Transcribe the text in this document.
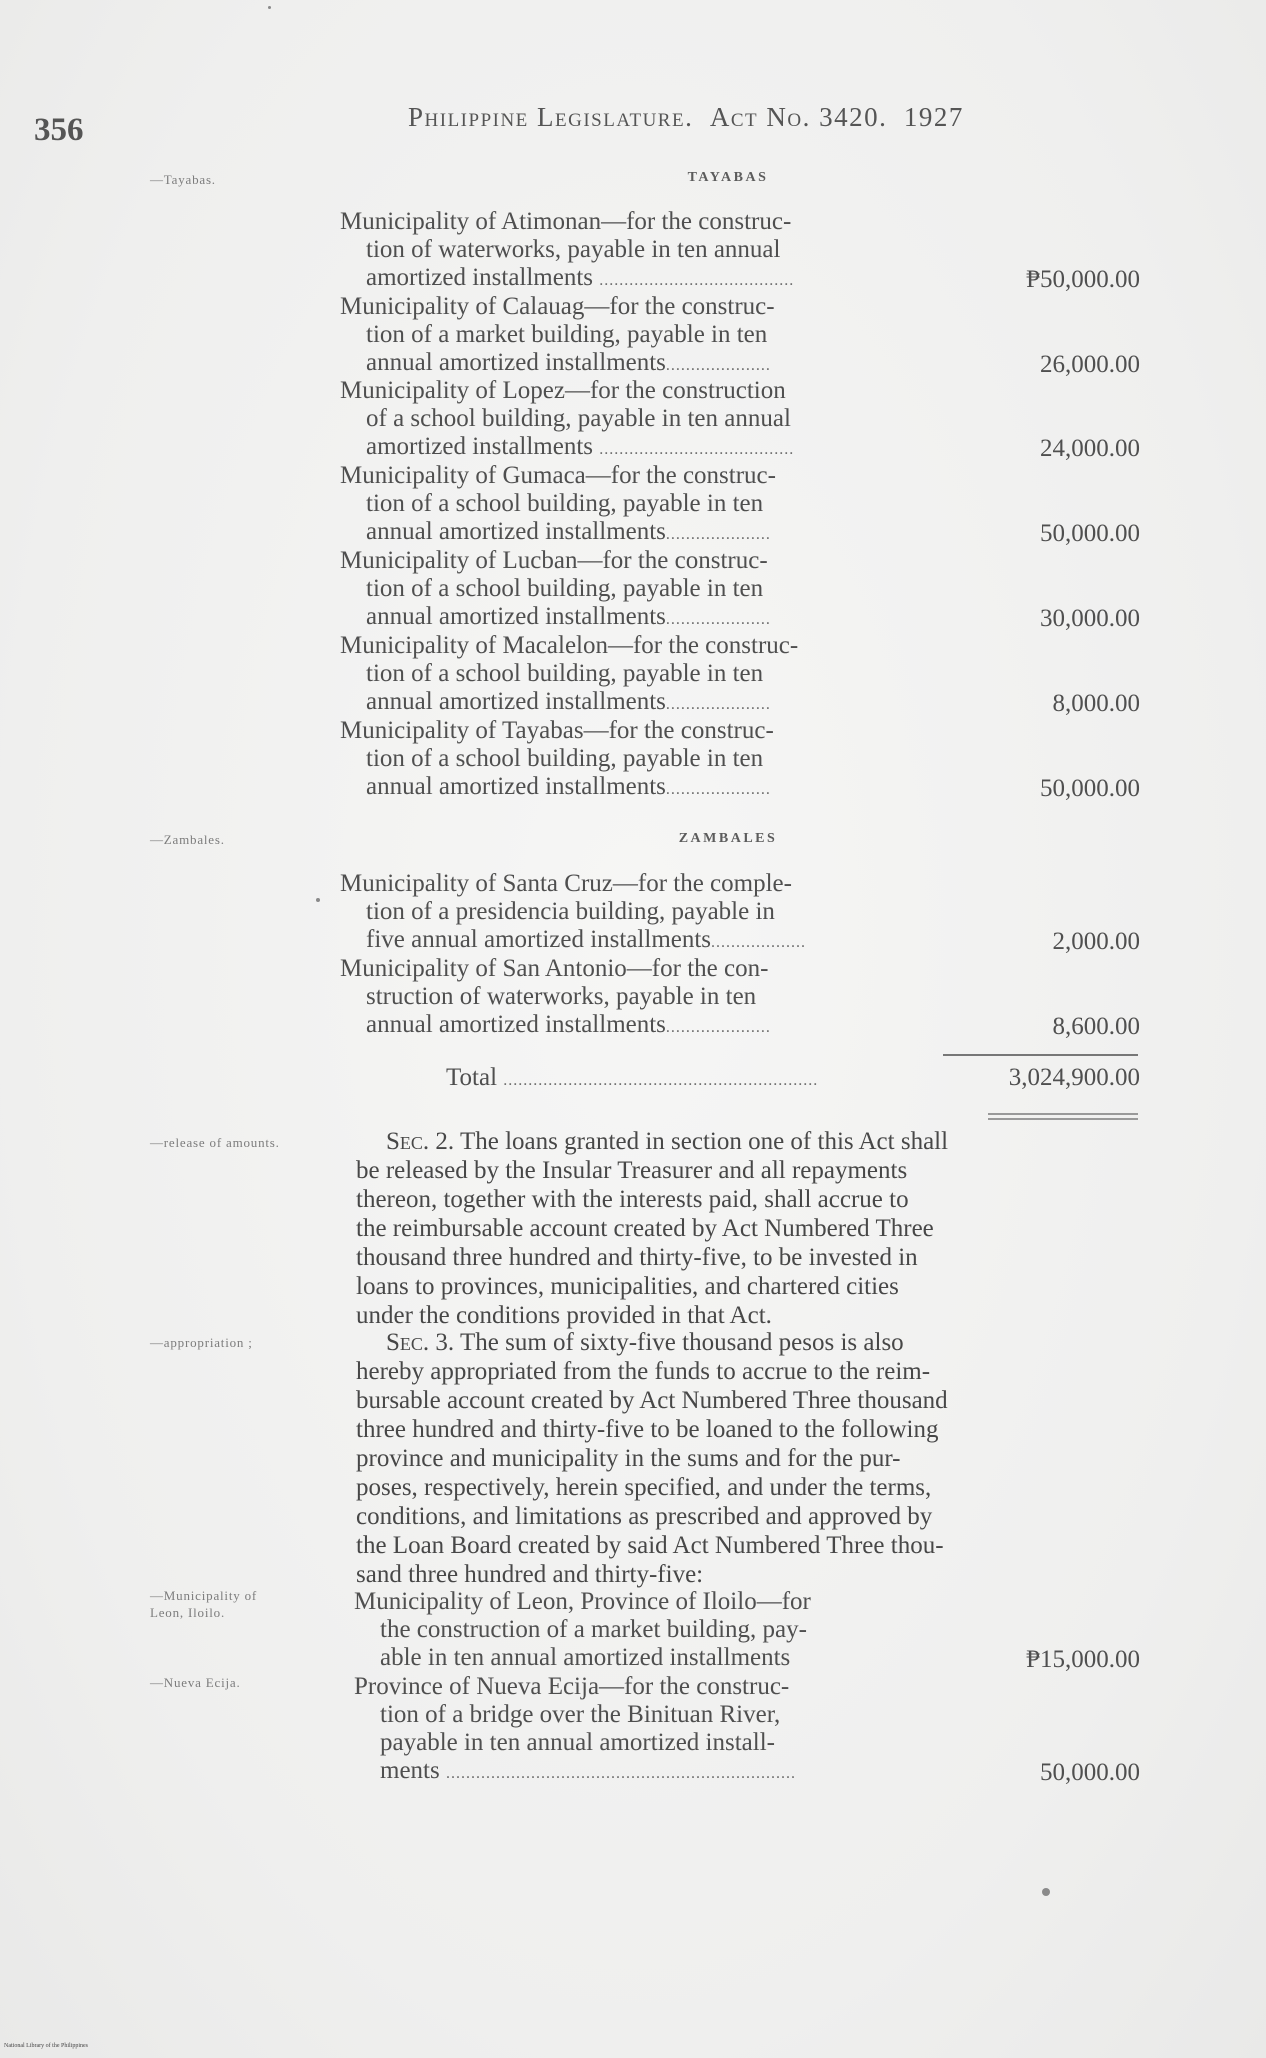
356	Philippine Legislature. Act No. 3420. 1927
—Tayabas.
—Zambales.
—release of amounts.
—appropriation ;
—Municipality of
Leon, Iloilo.
—Nueva Ecija.
TAYABAS
Municipality of Atimonan—for the construc-
tion of waterworks, payable in ten annual
amortized installments .......................................	₱50,000.00
Municipality of Calauag—for the construc-
tion of a market building, payable in ten
annual amortized installments.....................	26,000.00
Municipality of Lopez—for the construction
of a school building, payable in ten annual
amortized installments .......................................	24,000.00
Municipality of Gumaca—for the construc-
tion of a school building, payable in ten
annual amortized installments.....................	50,000.00
Municipality of Lucban—for the construc-
tion of a school building, payable in ten
annual amortized installments.....................	30,000.00
Municipality of Macalelon—for the construc-
tion of a school building, payable in ten
annual amortized installments.....................	8,000.00
Municipality of Tayabas—for the construc-
tion of a school building, payable in ten
annual amortized installments.....................	50,000.00
ZAMBALES
Municipality of Santa Cruz—for the comple-
tion of a presidencia building, payable in
five annual amortized installments...................	2,000.00
Municipality of San Antonio—for the con-
struction of waterworks, payable in ten
annual amortized installments.....................	8,600.00
Total ...............................................................	3,024,900.00
Sec. 2. The loans granted in section one of this Act shall
be released by the Insular Treasurer and all repayments
thereon, together with the interests paid, shall accrue to
the reimbursable account created by Act Numbered Three
thousand three hundred and thirty-five, to be invested in
loans to provinces, municipalities, and chartered cities
under the conditions provided in that Act.
Sec. 3. The sum of sixty-five thousand pesos is also
hereby appropriated from the funds to accrue to the reim-
bursable account created by Act Numbered Three thousand
three hundred and thirty-five to be loaned to the following
province and municipality in the sums and for the pur-
poses, respectively, herein specified, and under the terms,
conditions, and limitations as prescribed and approved by
the Loan Board created by said Act Numbered Three thou-
sand three hundred and thirty-five:
Municipality of Leon, Province of Iloilo—for
the construction of a market building, pay-
able in ten annual amortized installments	₱15,000.00
Province of Nueva Ecija—for the construc-
tion of a bridge over the Binituan River,
payable in ten annual amortized install-
ments ......................................................................	50,000.00
National Library of the Philippines
